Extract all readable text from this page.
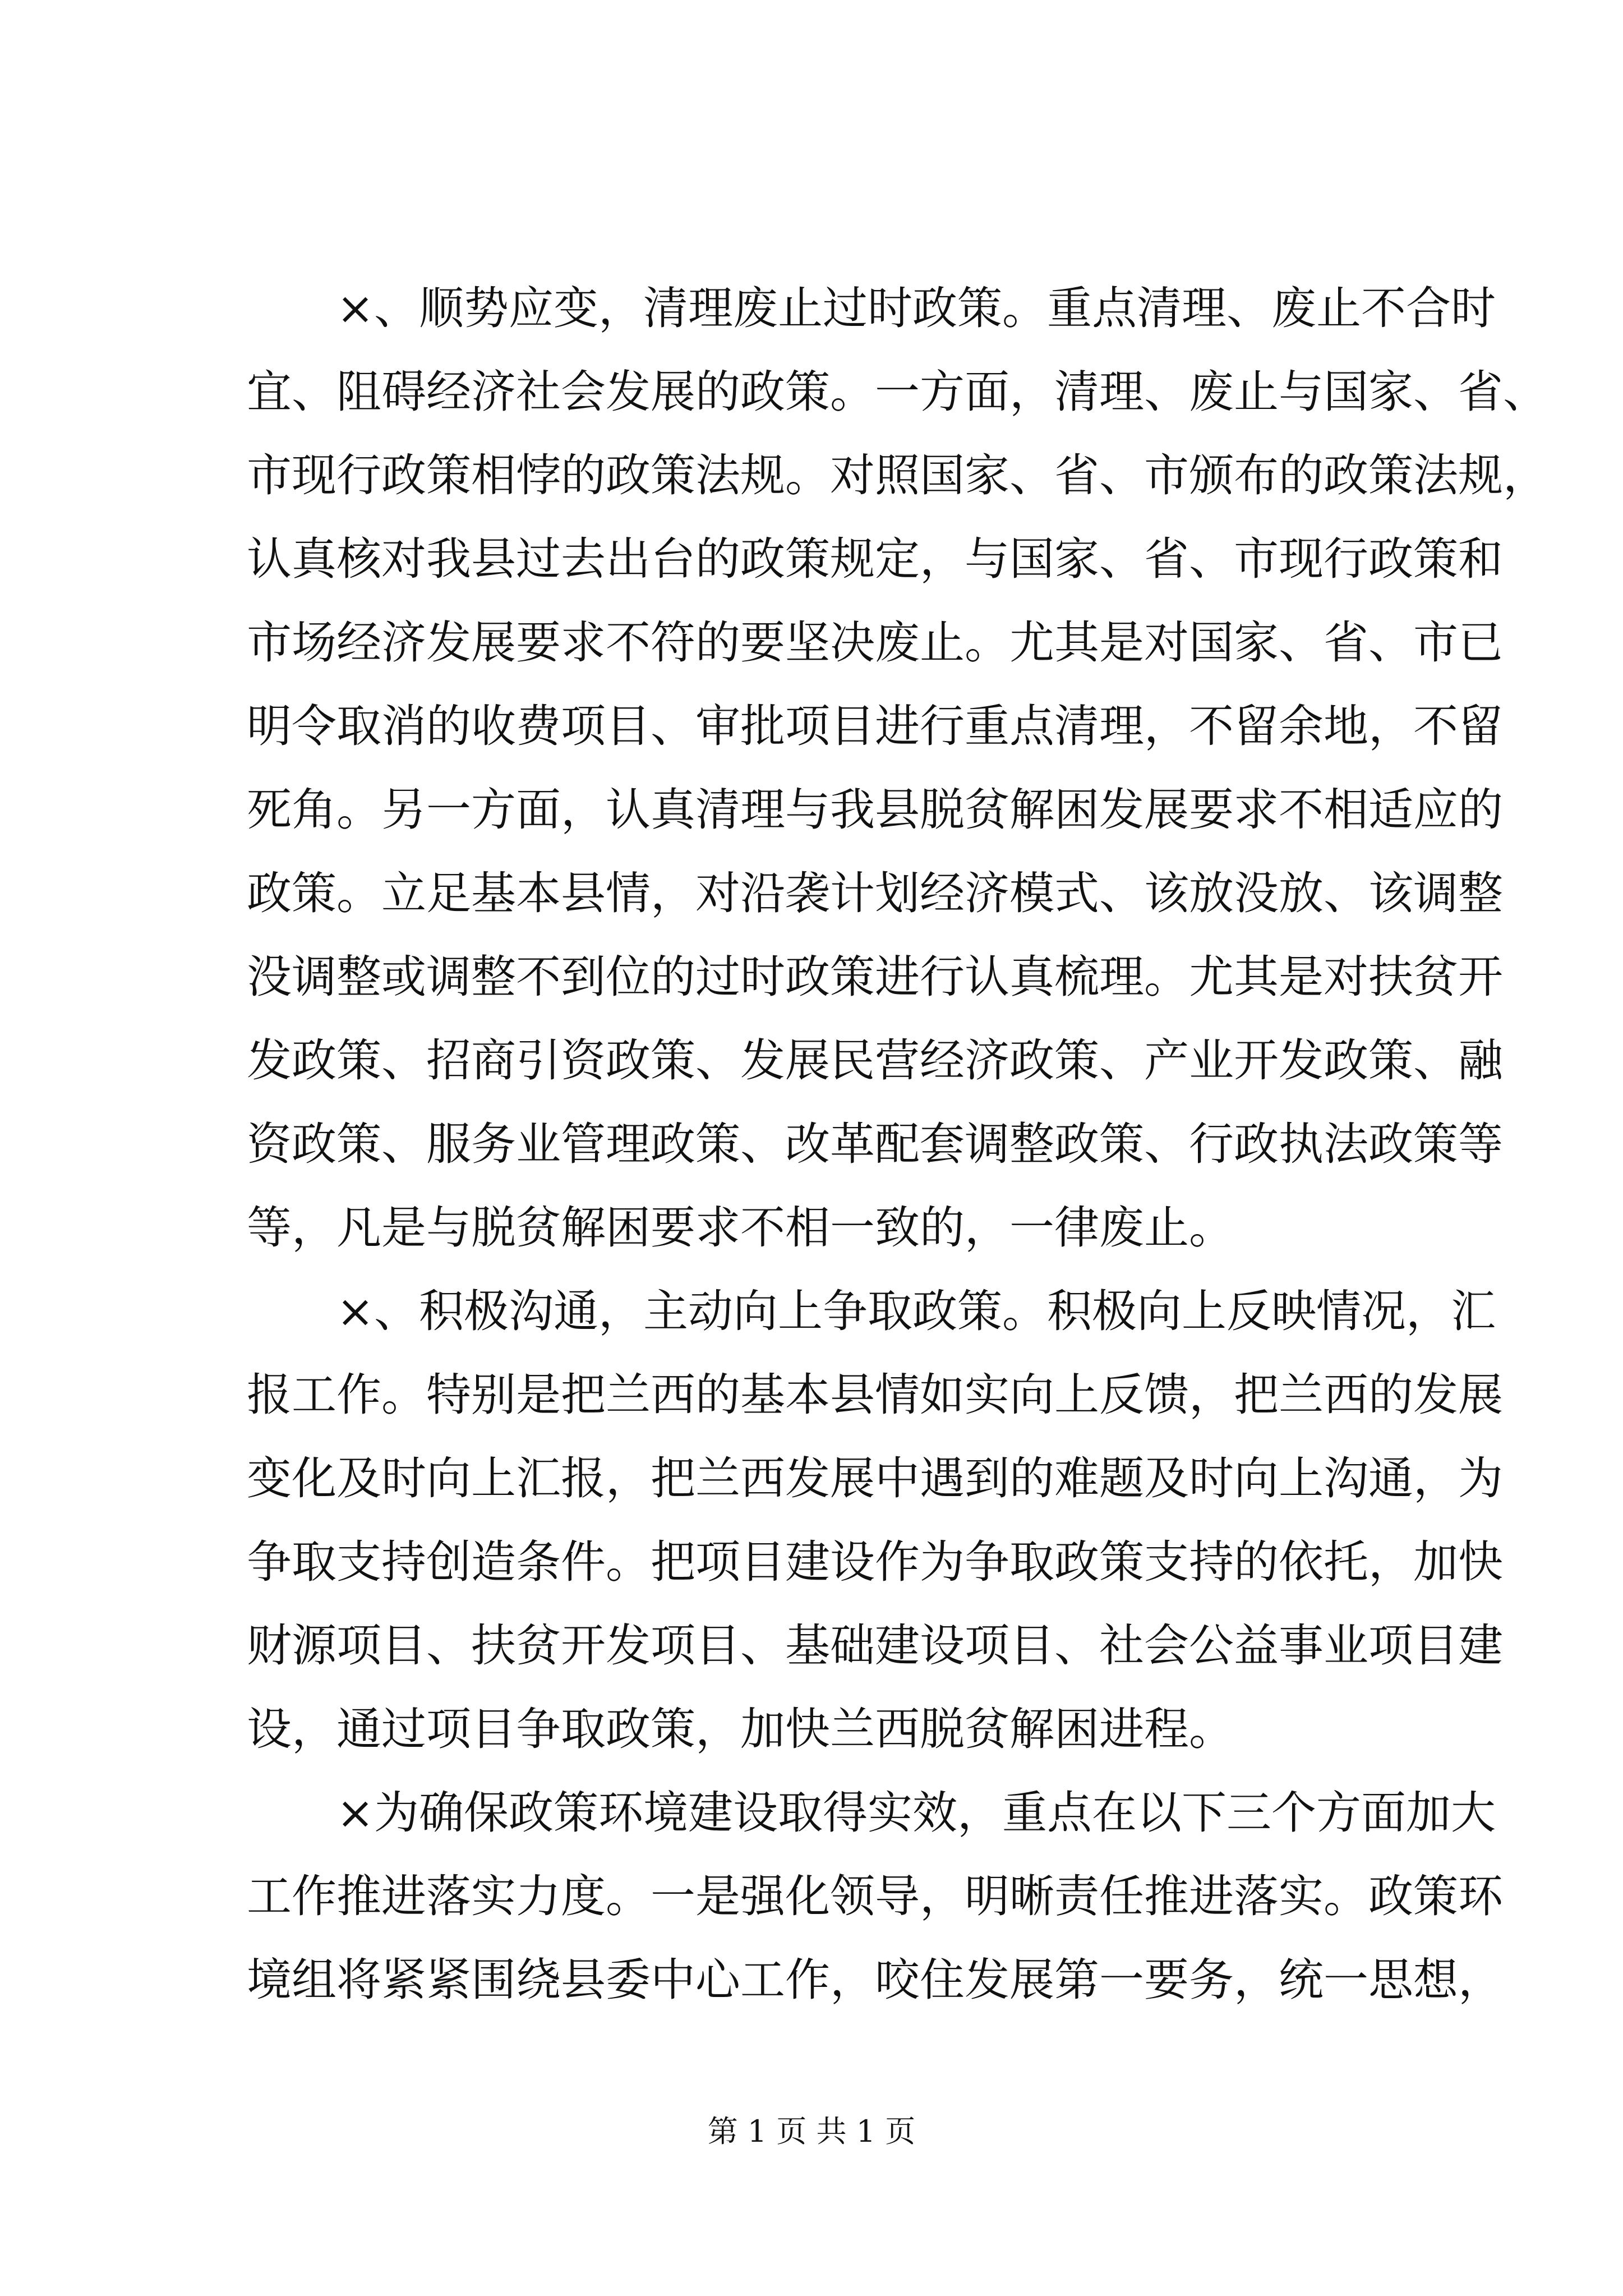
×、顺势应变，清理废止过时政策。重点清理、废止不合时
宜、阻碍经济社会发展的政策。一方面，清理、废止与国家、省、
市现行政策相悖的政策法规。对照国家、省、市颁布的政策法规，
认真核对我县过去出台的政策规定，与国家、省、市现行政策和
市场经济发展要求不符的要坚决废止。尤其是对国家、省、市已
明令取消的收费项目、审批项目进行重点清理，不留余地，不留
死角。另一方面，认真清理与我县脱贫解困发展要求不相适应的
政策。立足基本县情，对沿袭计划经济模式、该放没放、该调整
没调整或调整不到位的过时政策进行认真梳理。尤其是对扶贫开
发政策、招商引资政策、发展民营经济政策、产业开发政策、融
资政策、服务业管理政策、改革配套调整政策、行政执法政策等
等，凡是与脱贫解困要求不相一致的，一律废止。
×、积极沟通，主动向上争取政策。积极向上反映情况，汇
报工作。特别是把兰西的基本县情如实向上反馈，把兰西的发展
变化及时向上汇报，把兰西发展中遇到的难题及时向上沟通，为
争取支持创造条件。把项目建设作为争取政策支持的依托，加快
财源项目、扶贫开发项目、基础建设项目、社会公益事业项目建
设，通过项目争取政策，加快兰西脱贫解困进程。
×为确保政策环境建设取得实效，重点在以下三个方面加大
工作推进落实力度。一是强化领导，明晰责任推进落实。政策环
境组将紧紧围绕县委中心工作，咬住发展第一要务，统一思想，
第 1 页 共 1 页
